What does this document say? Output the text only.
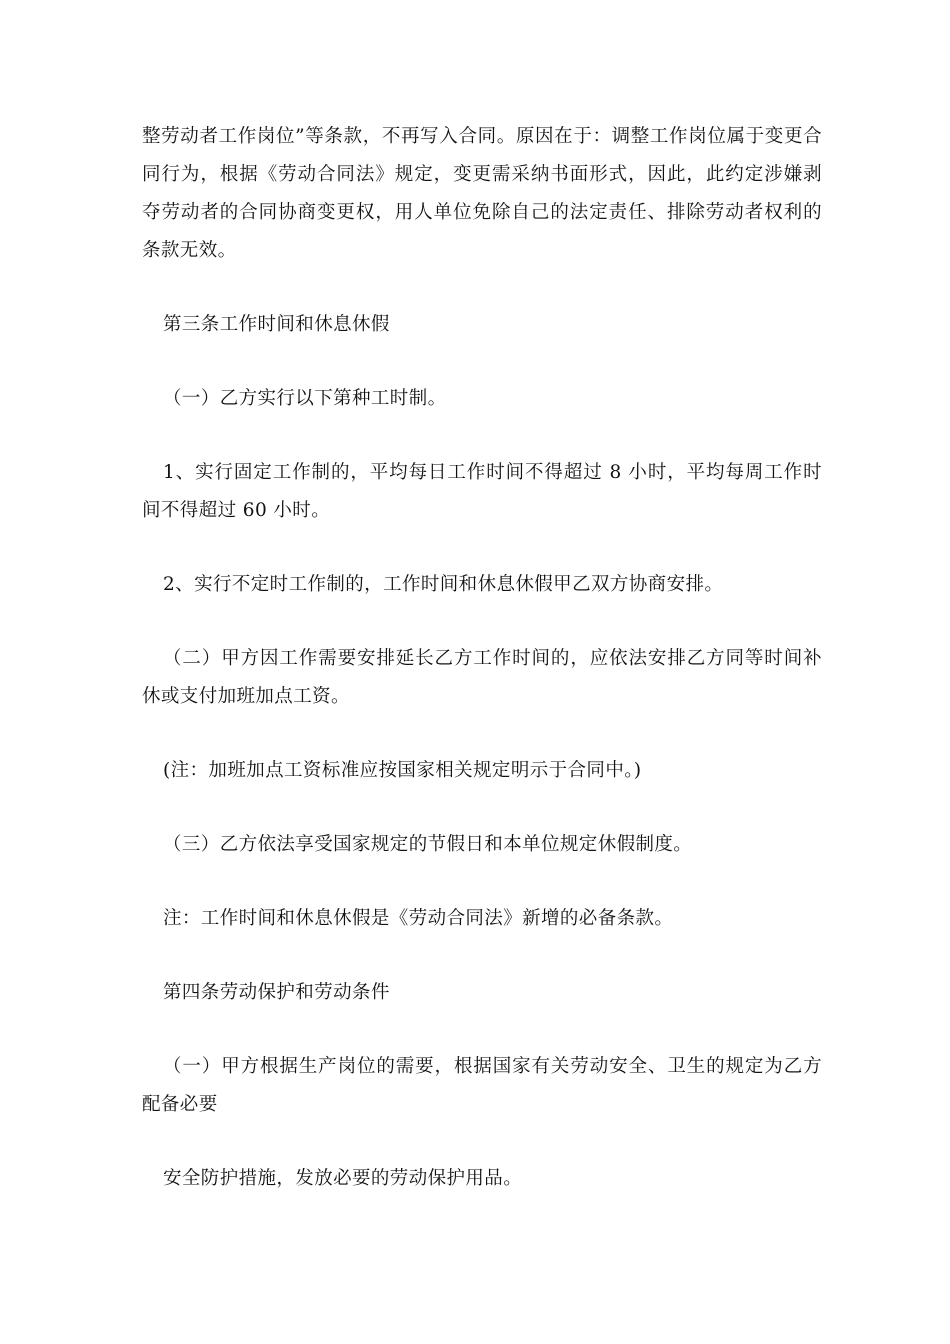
整劳动者工作岗位”等条款，不再写入合同。原因在于：调整工作岗位属于变更合同行为，根据《劳动合同法》规定，变更需采纳书面形式，因此，此约定涉嫌剥夺劳动者的合同协商变更权，用人单位免除自己的法定责任、排除劳动者权利的条款无效。

第三条工作时间和休息休假

（一）乙方实行以下第种工时制。

1、实行固定工作制的，平均每日工作时间不得超过 8 小时，平均每周工作时间不得超过 60 小时。

2、实行不定时工作制的，工作时间和休息休假甲乙双方协商安排。

（二）甲方因工作需要安排延长乙方工作时间的，应依法安排乙方同等时间补休或支付加班加点工资。

(注：加班加点工资标准应按国家相关规定明示于合同中。)

（三）乙方依法享受国家规定的节假日和本单位规定休假制度。

注：工作时间和休息休假是《劳动合同法》新增的必备条款。

第四条劳动保护和劳动条件

（一）甲方根据生产岗位的需要，根据国家有关劳动安全、卫生的规定为乙方配备必要

安全防护措施，发放必要的劳动保护用品。
